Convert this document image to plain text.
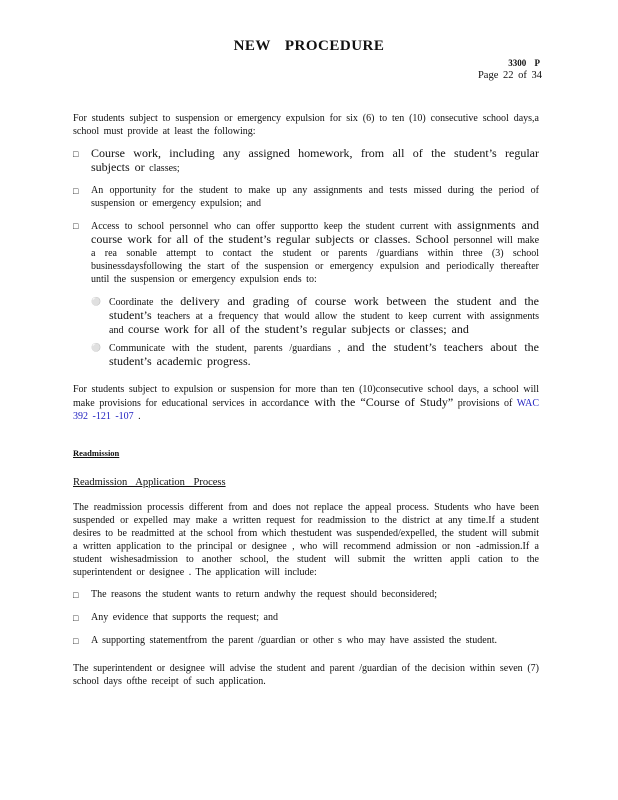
NEW PROCEDURE
3300 P
Page 22 of 34

For students subject to suspension or emergency expulsion for six (6) to ten (10) consecutive school days,a school must provide at least the following:

□	Course work, including any assigned homework, from all of the student’s regular subjects or classes;
□	An opportunity for the student to make up any assignments and tests missed during the period of suspension or emergency expulsion; and
□	Access to school personnel who can offer supportto keep the student current with assignments and course work for all of the student’s regular subjects or classes. School personnel will make a rea sonable attempt to contact the student or parents /guardians within three (3) school businessdaysfollowing the start of the suspension or emergency expulsion and periodically thereafter until the suspension or emergency expulsion ends to:
⚪ Coordinate the delivery and grading of course work between the student and the student’s teachers at a frequency that would allow the student to keep current with assignments and course work for all of the student’s regular subjects or classes; and
⚪ Communicate with the student, parents /guardians , and the student’s teachers about the student’s academic progress.

For students subject to expulsion or suspension for more than ten (10)consecutive school days, a school will make provisions for educational services in accordance with the “Course of Study” provisions of WAC 392 -121 -107 .

Readmission
Readmission Application Process

The readmission processis different from and does not replace the appeal process. Students who have been suspended or expelled may make a written request for readmission to the district at any time.If a student desires to be readmitted at the school from which thestudent was suspended/expelled, the student will submit a written application to the principal or designee , who will recommend admission or non -admission.If a student wishesadmission to another school, the student will submit the written appli cation to the superintendent or designee . The application will include:

□	The reasons the student wants to return andwhy the request should beconsidered;
□	Any evidence that supports the request; and
□	A supporting statementfrom the parent /guardian or other s who may have assisted the student.

The superintendent or designee will advise the student and parent /guardian of the decision within seven (7) school days ofthe receipt of such application.
